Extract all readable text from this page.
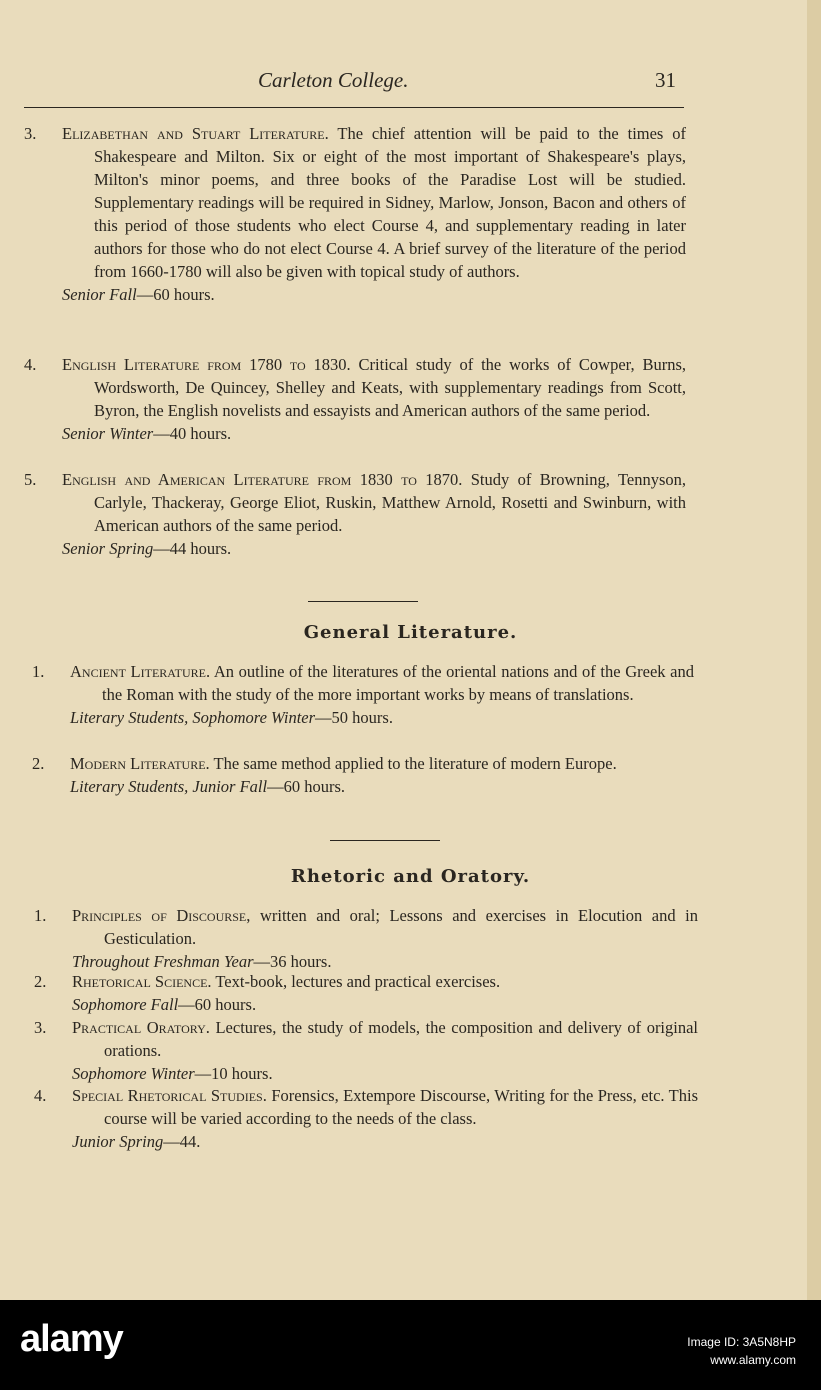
Carleton College.	31
3. Elizabethan and Stuart Literature. The chief attention will be paid to the times of Shakespeare and Milton. Six or eight of the most important of Shakespeare's plays, Milton's minor poems, and three books of the Paradise Lost will be studied. Supplementary readings will be required in Sidney, Marlow, Jonson, Bacon and others of this period of those students who elect Course 4, and supplementary reading in later authors for those who do not elect Course 4. A brief survey of the literature of the period from 1660-1780 will also be given with topical study of authors.
Senior Fall—60 hours.
4. English Literature from 1780 to 1830. Critical study of the works of Cowper, Burns, Wordsworth, De Quincey, Shelley and Keats, with supplementary readings from Scott, Byron, the English novelists and essayists and American authors of the same period.
Senior Winter—40 hours.
5. English and American Literature from 1830 to 1870. Study of Browning, Tennyson, Carlyle, Thackeray, George Eliot, Ruskin, Matthew Arnold, Rosetti and Swinburn, with American authors of the same period.
Senior Spring—44 hours.
General Literature.
1. Ancient Literature. An outline of the literatures of the oriental nations and of the Greek and the Roman with the study of the more important works by means of translations.
Literary Students, Sophomore Winter—50 hours.
2. Modern Literature. The same method applied to the literature of modern Europe.
Literary Students, Junior Fall—60 hours.
Rhetoric and Oratory.
1. Principles of Discourse, written and oral; Lessons and exercises in Elocution and in Gesticulation.
Throughout Freshman Year—36 hours.
2. Rhetorical Science. Text-book, lectures and practical exercises.
Sophomore Fall—60 hours.
3. Practical Oratory. Lectures, the study of models, the composition and delivery of original orations.
Sophomore Winter—10 hours.
4. Special Rhetorical Studies. Forensics, Extempore Discourse, Writing for the Press, etc. This course will be varied according to the needs of the class.
Junior Spring—44.
alamy	Image ID: 3A5N8HP
www.alamy.com
